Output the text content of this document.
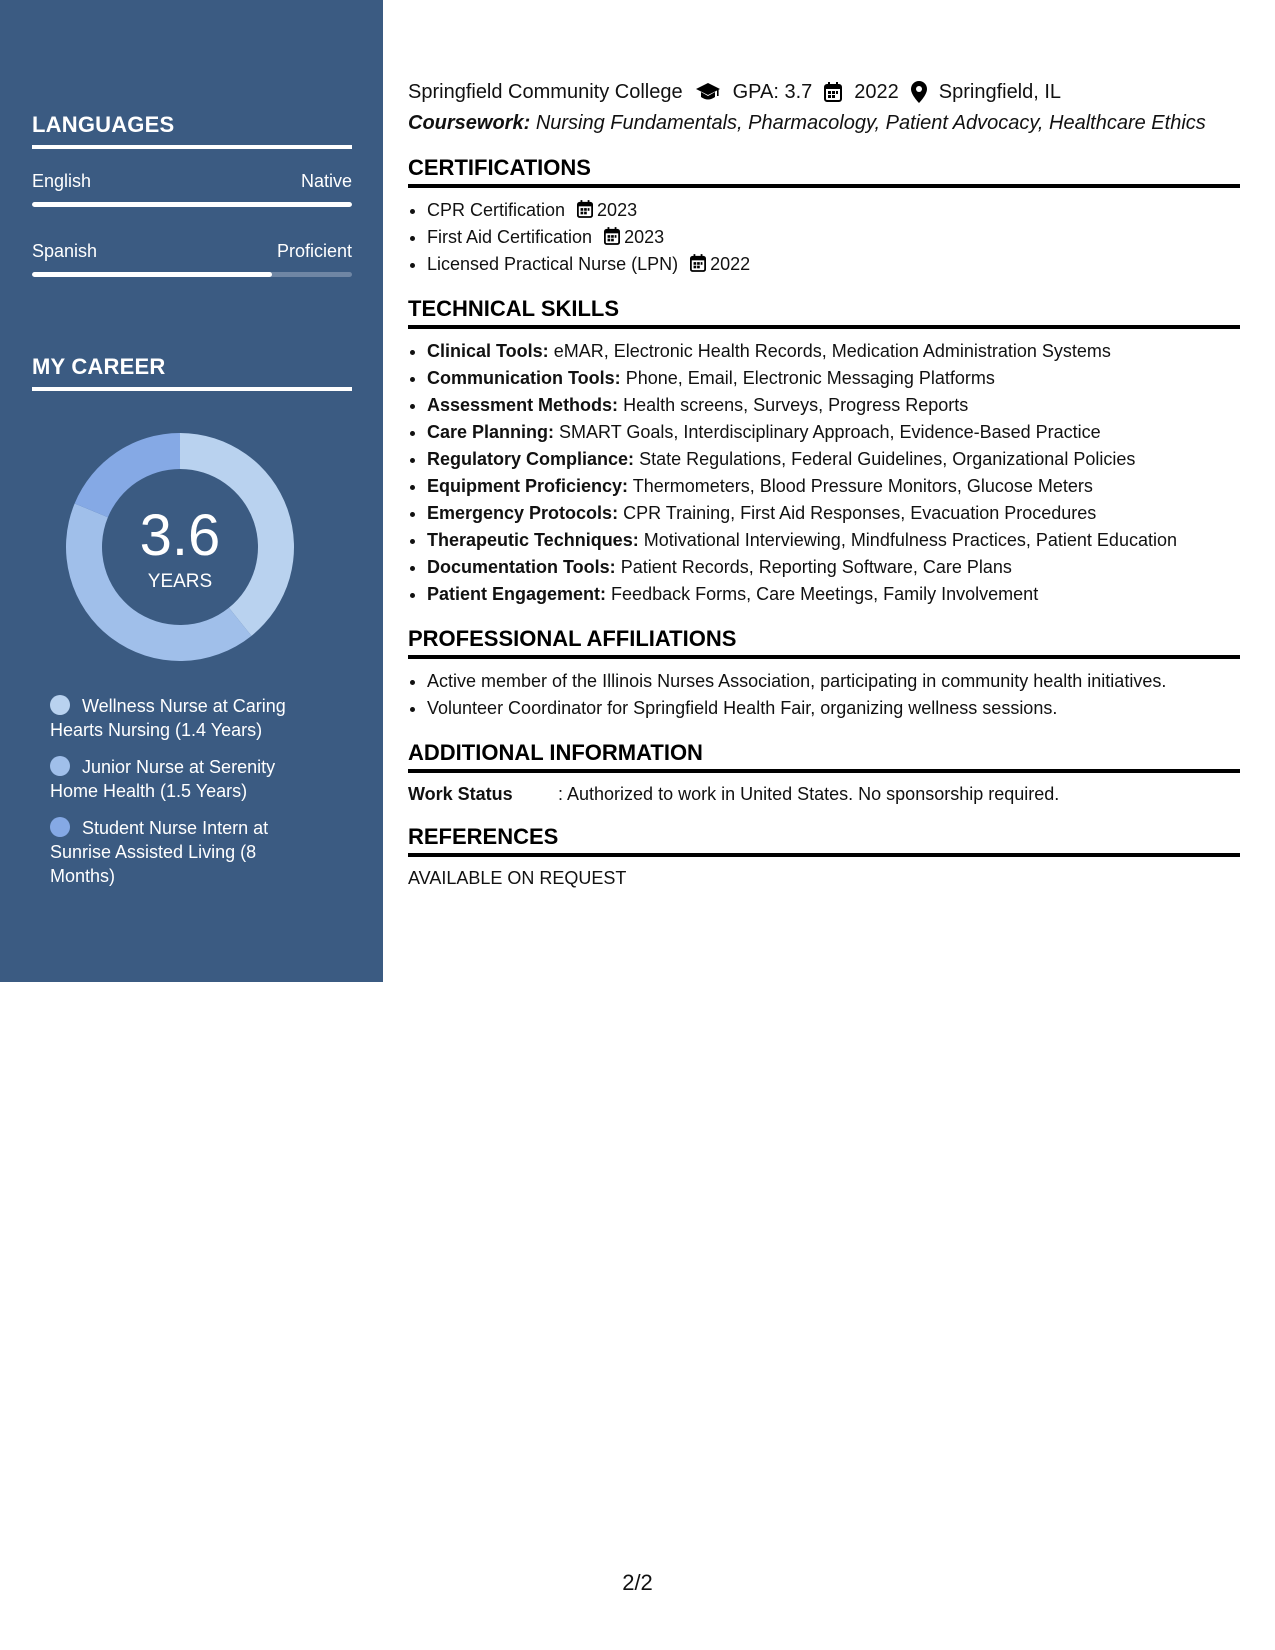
LANGUAGES
English	Native
Spanish	Proficient
MY CAREER
3.6
YEARS
Wellness Nurse at Caring Hearts Nursing (1.4 Years)
Junior Nurse at Serenity Home Health (1.5 Years)
Student Nurse Intern at Sunrise Assisted Living (8 Months)
Springfield Community College	GPA: 3.7 2022 Springfield, IL
Coursework: Nursing Fundamentals, Pharmacology, Patient Advocacy, Healthcare Ethics
CERTIFICATIONS
• CPR Certification 2023
• First Aid Certification 2023
• Licensed Practical Nurse (LPN) 2022
TECHNICAL SKILLS
• Clinical Tools: eMAR, Electronic Health Records, Medication Administration Systems
• Communication Tools: Phone, Email, Electronic Messaging Platforms
• Assessment Methods: Health screens, Surveys, Progress Reports
• Care Planning: SMART Goals, Interdisciplinary Approach, Evidence-Based Practice
• Regulatory Compliance: State Regulations, Federal Guidelines, Organizational Policies
• Equipment Proficiency: Thermometers, Blood Pressure Monitors, Glucose Meters
• Emergency Protocols: CPR Training, First Aid Responses, Evacuation Procedures
• Therapeutic Techniques: Motivational Interviewing, Mindfulness Practices, Patient Education
• Documentation Tools: Patient Records, Reporting Software, Care Plans
• Patient Engagement: Feedback Forms, Care Meetings, Family Involvement
PROFESSIONAL AFFILIATIONS
• Active member of the Illinois Nurses Association, participating in community health initiatives.
• Volunteer Coordinator for Springfield Health Fair, organizing wellness sessions.
ADDITIONAL INFORMATION
Work Status	: Authorized to work in United States. No sponsorship required.
REFERENCES
AVAILABLE ON REQUEST
2/2
